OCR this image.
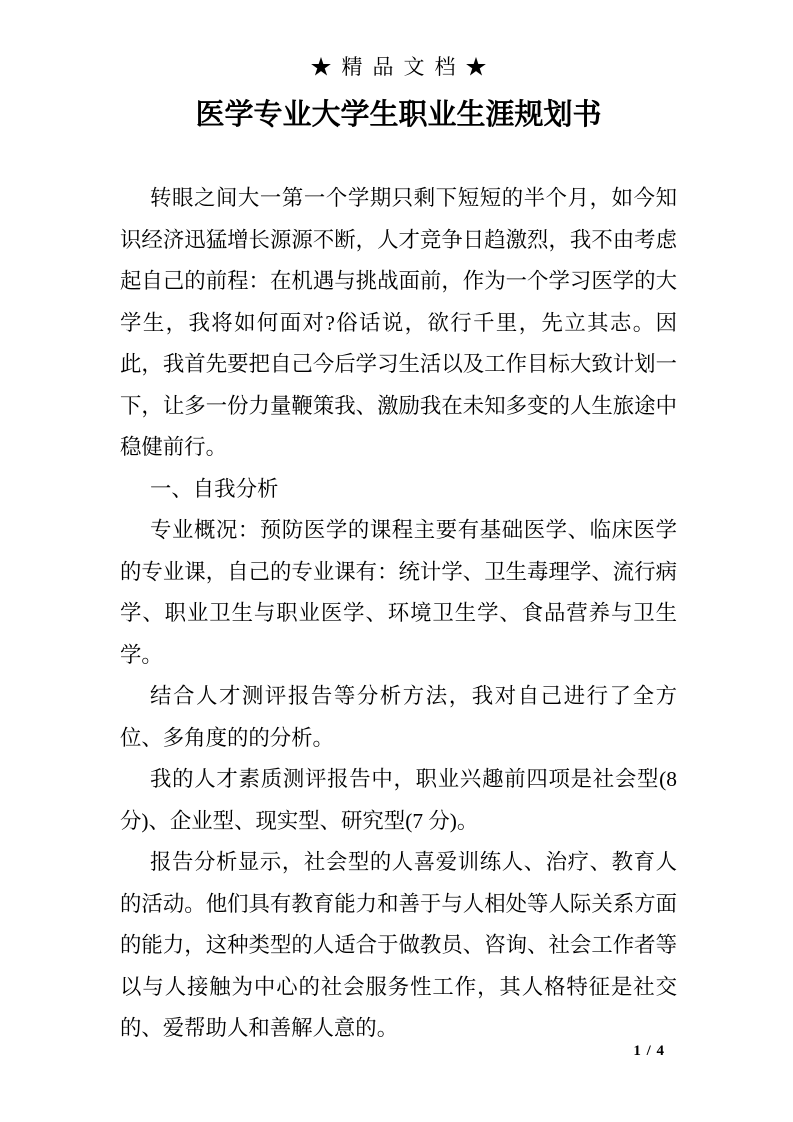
★精品文档★
医学专业大学生职业生涯规划书

转眼之间大一第一个学期只剩下短短的半个月，如今知识经济迅猛增长源源不断，人才竞争日趋激烈，我不由考虑起自己的前程：在机遇与挑战面前，作为一个学习医学的大学生，我将如何面对?俗话说，欲行千里，先立其志。因此，我首先要把自己今后学习生活以及工作目标大致计划一下，让多一份力量鞭策我、激励我在未知多变的人生旅途中稳健前行。

一、自我分析

专业概况：预防医学的课程主要有基础医学、临床医学的专业课，自己的专业课有：统计学、卫生毒理学、流行病学、职业卫生与职业医学、环境卫生学、食品营养与卫生学。

结合人才测评报告等分析方法，我对自己进行了全方位、多角度的的分析。

我的人才素质测评报告中，职业兴趣前四项是社会型(8 分)、企业型、现实型、研究型(7 分)。

报告分析显示，社会型的人喜爱训练人、治疗、教育人的活动。他们具有教育能力和善于与人相处等人际关系方面的能力，这种类型的人适合于做教员、咨询、社会工作者等以与人接触为中心的社会服务性工作，其人格特征是社交的、爱帮助人和善解人意的。

1 / 4
